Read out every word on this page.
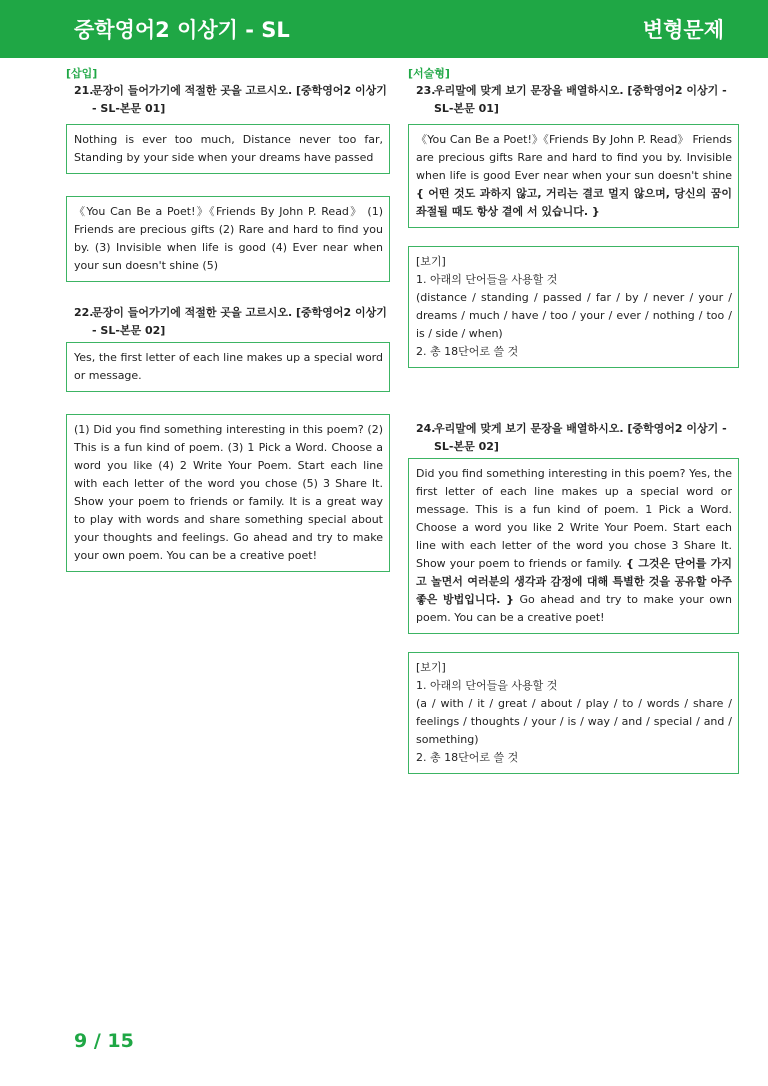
중학영어2 이상기 - SL	변형문제
[삽입]
21.
문장이 들어가기에 적절한 곳을 고르시오. [중학영어2 이상기 - SL-본문 01]
Nothing is ever too much, Distance never too far, Standing by your side when your dreams have passed
《You Can Be a Poet!》《Friends By John P. Read》 (1) Friends are precious gifts (2) Rare and hard to find you by. (3) Invisible when life is good (4) Ever near when your sun doesn't shine (5)
22.
문장이 들어가기에 적절한 곳을 고르시오. [중학영어2 이상기 - SL-본문 02]
Yes, the first letter of each line makes up a special word or message.
(1) Did you find something interesting in this poem? (2) This is a fun kind of poem. (3) 1 Pick a Word. Choose a word you like (4) 2 Write Your Poem. Start each line with each letter of the word you chose (5) 3 Share It. Show your poem to friends or family. It is a great way to play with words and share something special about your thoughts and feelings. Go ahead and try to make your own poem. You can be a creative poet!
[서술형]
23.
우리말에 맞게 보기 문장을 배열하시오. [중학영어2 이상기 - SL-본문 01]
《You Can Be a Poet!》《Friends By John P. Read》 Friends are precious gifts Rare and hard to find you by. Invisible when life is good Ever near when your sun doesn't shine { 어떤 것도 과하지 않고, 거리는 결코 멀지 않으며, 당신의 꿈이 좌절될 때도 항상 곁에 서 있습니다. }
[보기]
1. 아래의 단어들을 사용할 것
(distance / standing / passed / far / by / never / your / dreams / much / have / too / your / ever / nothing / too / is / side / when)
2. 총 18단어로 쓸 것
24.
우리말에 맞게 보기 문장을 배열하시오. [중학영어2 이상기 - SL-본문 02]
Did you find something interesting in this poem? Yes, the first letter of each line makes up a special word or message. This is a fun kind of poem. 1 Pick a Word. Choose a word you like 2 Write Your Poem. Start each line with each letter of the word you chose 3 Share It. Show your poem to friends or family. { 그것은 단어를 가지고 놀면서 여러분의 생각과 감정에 대해 특별한 것을 공유할 아주 좋은 방법입니다. } Go ahead and try to make your own poem. You can be a creative poet!
[보기]
1. 아래의 단어들을 사용할 것
(a / with / it / great / about / play / to / words / share / feelings / thoughts / your / is / way / and / special / and / something)
2. 총 18단어로 쓸 것
9 / 15
